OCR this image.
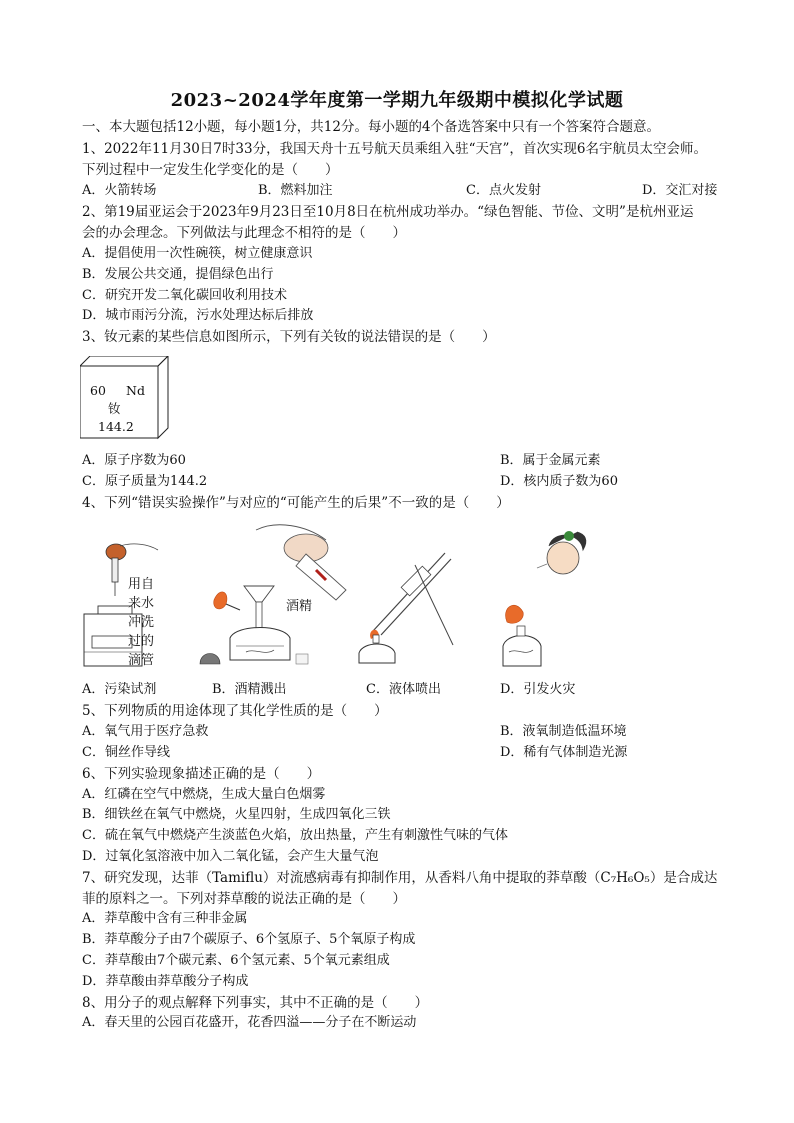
2023~2024学年度第一学期九年级期中模拟化学试题
一、本大题包括12小题，每小题1分，共12分。每小题的4个备选答案中只有一个答案符合题意。
1、2022年11月30日7时33分，我国天舟十五号航天员乘组入驻“天宫”，首次实现6名宇航员太空会师。
下列过程中一定发生化学变化的是（　　）
A．火箭转场	B．燃料加注	C．点火发射	D．交汇对接
2、第19届亚运会于2023年9月23日至10月8日在杭州成功举办。“绿色智能、节俭、文明”是杭州亚运
会的办会理念。下列做法与此理念不相符的是（　　）
A．提倡使用一次性碗筷，树立健康意识
B．发展公共交通，提倡绿色出行
C．研究开发二氧化碳回收利用技术
D．城市雨污分流，污水处理达标后排放
3、钕元素的某些信息如图所示，下列有关钕的说法错误的是（　　）
60 Nd
钕
144.2
A．原子序数为60	B．属于金属元素
C．原子质量为144.2	D．核内质子数为60
4、下列“错误实验操作”与对应的“可能产生的后果”不一致的是（　　）
用自
来水
冲洗
过的
滴管
酒精
A．污染试剂	B．酒精溅出	C．液体喷出	D．引发火灾
5、下列物质的用途体现了其化学性质的是（　　）
A．氧气用于医疗急救	B．液氧制造低温环境
C．铜丝作导线	D．稀有气体制造光源
6、下列实验现象描述正确的是（　　）
A．红磷在空气中燃烧，生成大量白色烟雾
B．细铁丝在氧气中燃烧，火星四射，生成四氧化三铁
C．硫在氧气中燃烧产生淡蓝色火焰，放出热量，产生有刺激性气味的气体
D．过氧化氢溶液中加入二氧化锰，会产生大量气泡
7、研究发现，达菲（Tamiflu）对流感病毒有抑制作用，从香料八角中提取的莽草酸（C₇H₆O₅）是合成达
菲的原料之一。下列对莽草酸的说法正确的是（　　）
A．莽草酸中含有三种非金属
B．莽草酸分子由7个碳原子、6个氢原子、5个氧原子构成
C．莽草酸由7个碳元素、6个氢元素、5个氧元素组成
D．莽草酸由莽草酸分子构成
8、用分子的观点解释下列事实，其中不正确的是（　　）
A．春天里的公园百花盛开，花香四溢——分子在不断运动
